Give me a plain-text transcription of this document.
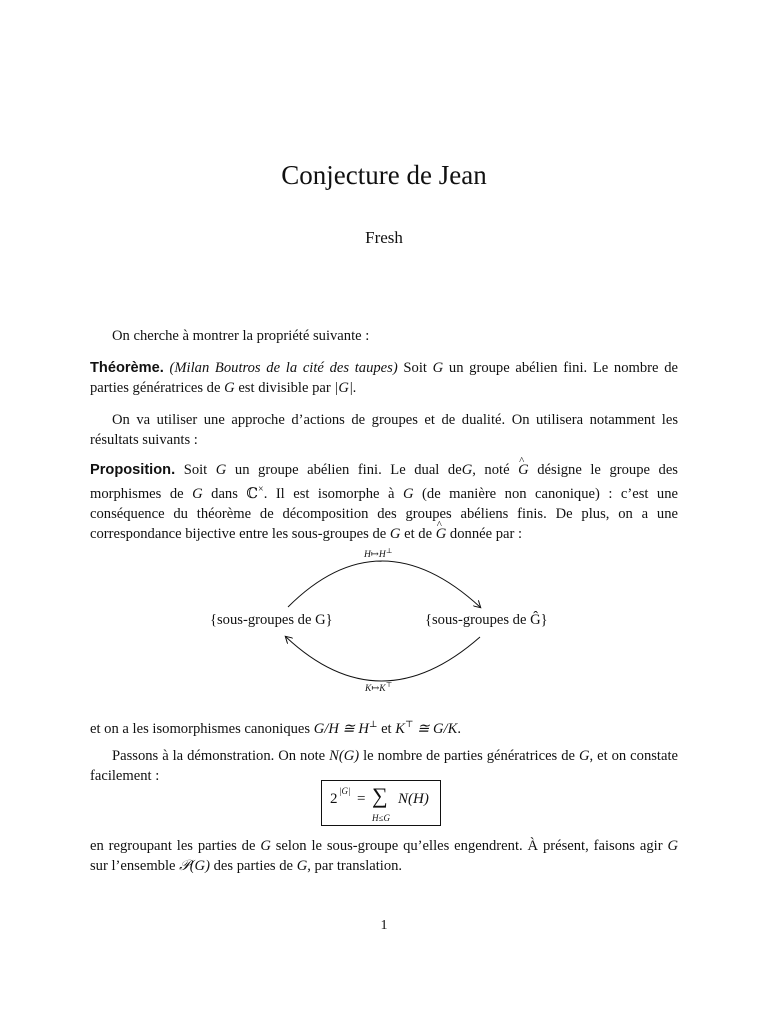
Conjecture de Jean
Fresh
On cherche à montrer la propriété suivante :
Théorème. (Milan Boutros de la cité des taupes) Soit G un groupe abélien fini. Le nombre de parties génératrices de G est divisible par |G|.
On va utiliser une approche d’actions de groupes et de dualité. On utilisera notamment les résultats suivants :
Proposition. Soit G un groupe abélien fini. Le dual deG, noté ^ G désigne le groupe des morphismes de G dans ℂ×. Il est isomorphe à G (de manière non canonique) : c’est une conséquence du théorème de décomposition des groupes abéliens finis. De plus, on a une correspondance bijective entre les sous-groupes de G et de ^ G donnée par :
H↦H⊥
K↦K⊤
{sous-groupes de G}	{sous-groupes de Ĝ}
et on a les isomorphismes canoniques G/H ≅ H⊥ et K⊤ ≅ G/K.
Passons à la démonstration. On note N(G) le nombre de parties génératrices de G, et on constate facilement :
2 |G| = ∑
H≤G
N(H)
en regroupant les parties de G selon le sous-groupe qu’elles engendrent. À présent, faisons agir G sur l’ensemble 𝒫(G) des parties de G, par translation.
1
